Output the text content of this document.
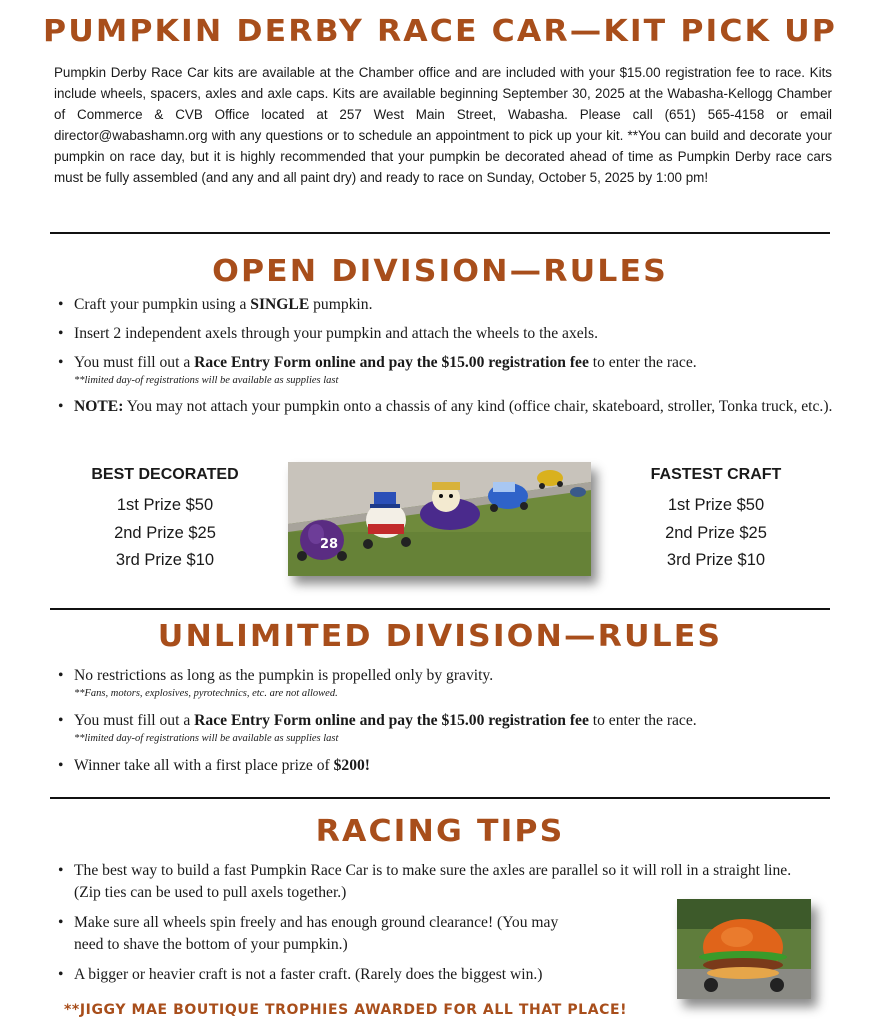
PUMPKIN DERBY RACE CAR—KIT PICK UP

Pumpkin Derby Race Car kits are available at the Chamber office and are included with your $15.00 registration fee to race. Kits include wheels, spacers, axles and axle caps. Kits are available beginning September 30, 2025 at the Wabasha-Kellogg Chamber of Commerce & CVB Office located at 257 West Main Street, Wabasha. Please call (651) 565-4158 or email director@wabashamn.org with any questions or to schedule an appointment to pick up your kit. **You can build and decorate your pumpkin on race day, but it is highly recommended that your pumpkin be decorated ahead of time as Pumpkin Derby race cars must be fully assembled (and any and all paint dry) and ready to race on Sunday, October 5, 2025 by 1:00 pm!

OPEN DIVISION—RULES
• Craft your pumpkin using a SINGLE pumpkin.
• Insert 2 independent axels through your pumpkin and attach the wheels to the axels.
• You must fill out a Race Entry Form online and pay the $15.00 registration fee to enter the race.
**limited day-of registrations will be available as supplies last
• NOTE: You may not attach your pumpkin onto a chassis of any kind (office chair, skateboard, stroller, Tonka truck, etc.).
BEST DECORATED
1st Prize $50
2nd Prize $25
3rd Prize $10
FASTEST CRAFT
1st Prize $50
2nd Prize $25
3rd Prize $10
28
UNLIMITED DIVISION—RULES
• No restrictions as long as the pumpkin is propelled only by gravity.
**Fans, motors, explosives, pyrotechnics, etc. are not allowed.
• You must fill out a Race Entry Form online and pay the $15.00 registration fee to enter the race.
**limited day-of registrations will be available as supplies last
• Winner take all with a first place prize of $200!
RACING TIPS
• The best way to build a fast Pumpkin Race Car is to make sure the axles are parallel so it will roll in a straight line. (Zip ties can be used to pull axels together.)
• Make sure all wheels spin freely and has enough ground clearance! (You may need to shave the bottom of your pumpkin.)
• A bigger or heavier craft is not a faster craft. (Rarely does the biggest win.)
**JIGGY MAE BOUTIQUE TROPHIES AWARDED FOR ALL THAT PLACE!
